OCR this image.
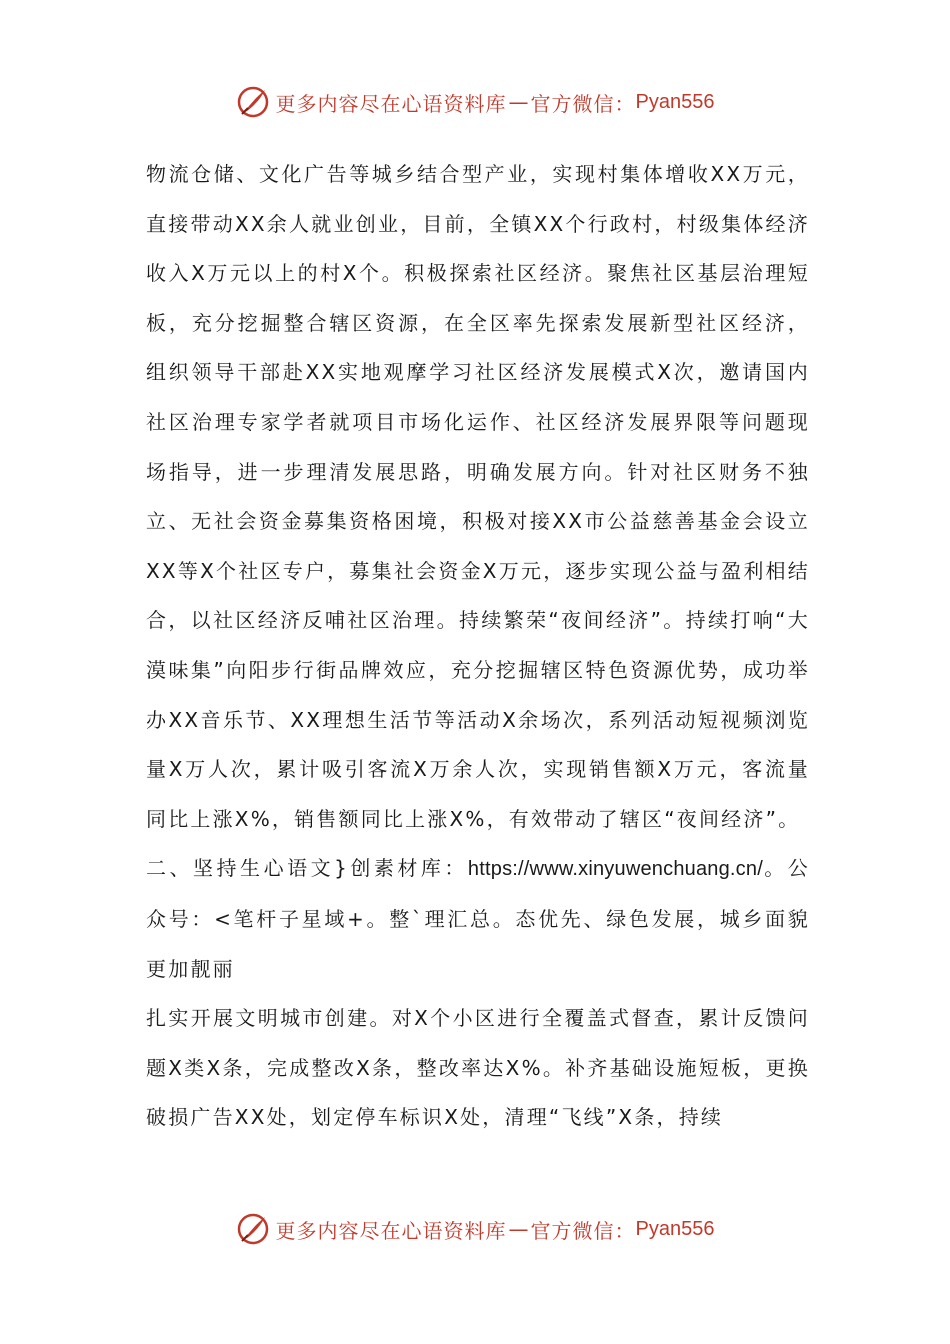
更多内容尽在心语资料库 — 官方微信： Pyan556

物流仓储、文化广告等城乡结合型产业，实现村集体增收XX万元，直接带动XX余人就业创业，目前，全镇XX个行政村，村级集体经济收入X万元以上的村X个。积极探索社区经济。聚焦社区基层治理短板，充分挖掘整合辖区资源，在全区率先探索发展新型社区经济，组织领导干部赴XX实地观摩学习社区经济发展模式X次，邀请国内社区治理专家学者就项目市场化运作、社区经济发展界限等问题现场指导，进一步理清发展思路，明确发展方向。针对社区财务不独立、无社会资金募集资格困境，积极对接XX市公益慈善基金会设立XX等X个社区专户，募集社会资金X万元，逐步实现公益与盈利相结合，以社区经济反哺社区治理。持续繁荣“夜间经济”。持续打响“大漠味集”向阳步行街品牌效应，充分挖掘辖区特色资源优势，成功举办XX音乐节、XX理想生活节等活动X余场次，系列活动短视频浏览量X万人次，累计吸引客流X万余人次，实现销售额X万元，客流量同比上涨X%，销售额同比上涨X%，有效带动了辖区“夜间经济”。

二、坚持生心语文}创素材库：https://www.xinyuwenchuang.cn/。公众号：<笔杆子星域+。整`理汇总。态优先、绿色发展，城乡面貌更加靓丽

扎实开展文明城市创建。对X个小区进行全覆盖式督查，累计反馈问题X类X条，完成整改X条，整改率达X%。补齐基础设施短板，更换破损广告XX处，划定停车标识X处，清理“飞线”X条，持续

更多内容尽在心语资料库 — 官方微信： Pyan556
